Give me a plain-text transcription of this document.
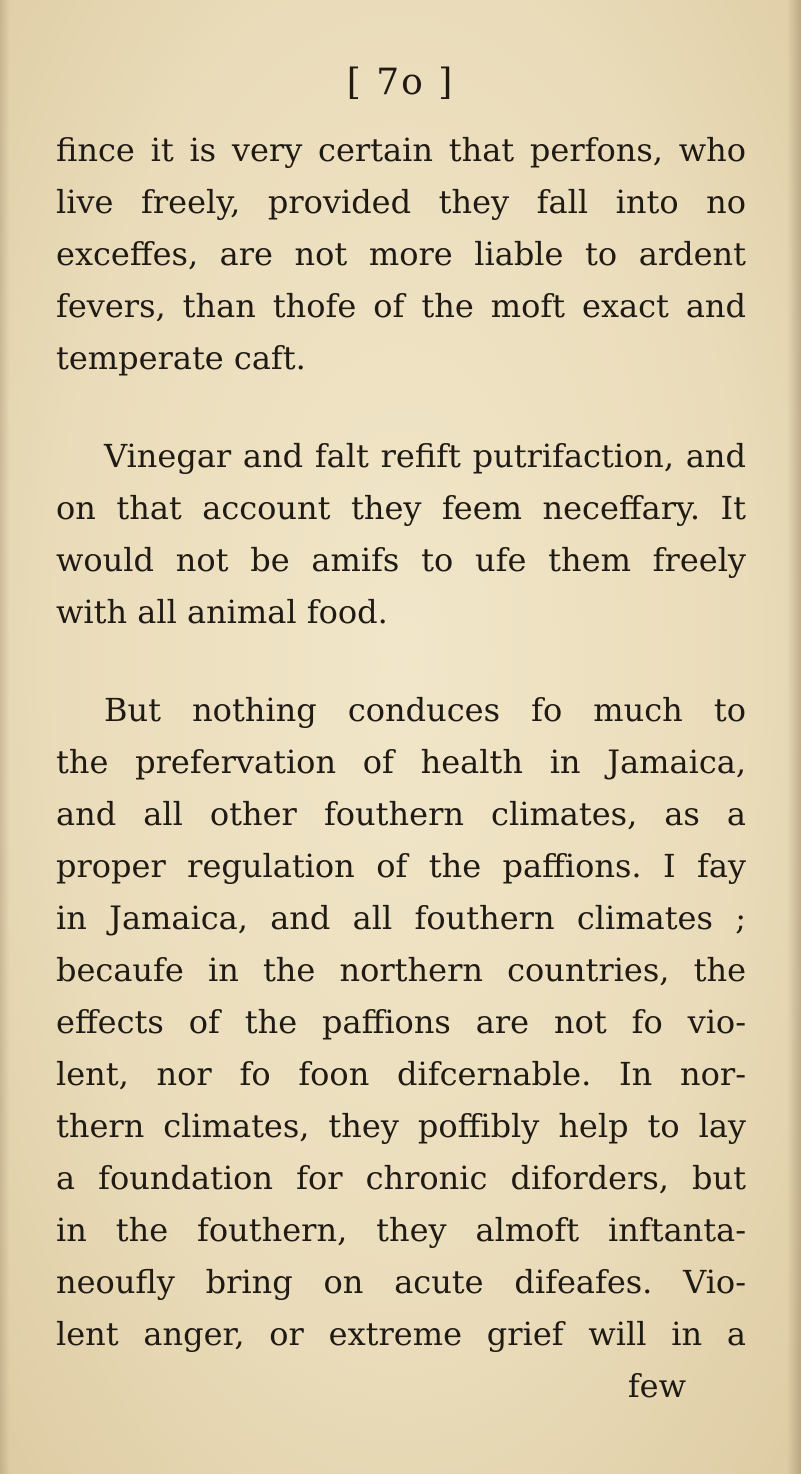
[ 7o ]
fince it is very certain that perfons, who
live freely, provided they fall into no
exceffes, are not more liable to ardent
fevers, than thofe of the moft exact and
temperate caft.
Vinegar and falt refift putrifaction, and
on that account they feem neceffary. It
would not be amifs to ufe them freely
with all animal food.
But nothing conduces fo much to
the prefervation of health in Jamaica,
and all other fouthern climates, as a
proper regulation of the paffions. I fay
in Jamaica, and all fouthern climates ;
becaufe in the northern countries, the
effects of the paffions are not fo vio-
lent, nor fo foon difcernable. In nor-
thern climates, they poffibly help to lay
a foundation for chronic diforders, but
in the fouthern, they almoft inftanta-
neoufly bring on acute difeafes. Vio-
lent anger, or extreme grief will in a
few
